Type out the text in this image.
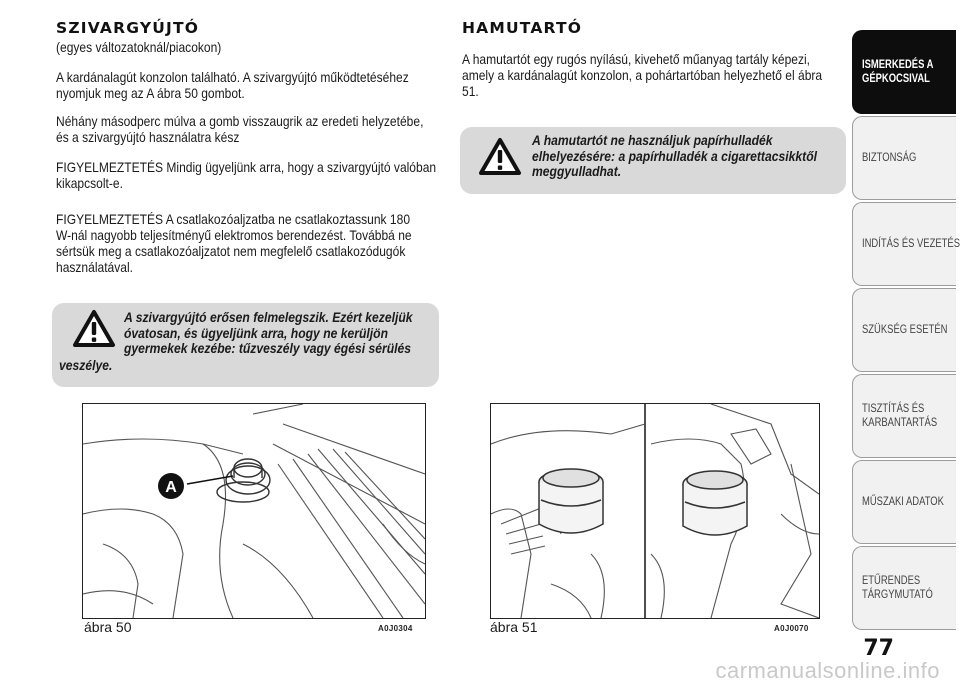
SZIVARGYÚJTÓ

(egyes változatoknál/piacokon)

A kardánalagút konzolon található. A szivargyújtó működtetéséhez
nyomjuk meg az A ábra 50 gombot.

Néhány másodperc múlva a gomb visszaugrik az eredeti helyzetébe,
és a szivargyújtó használatra kész

FIGYELMEZTETÉS Mindig ügyeljünk arra, hogy a szivargyújtó valóban
kikapcsolt-e.

FIGYELMEZTETÉS A csatlakozóaljzatba ne csatlakoztassunk 180
W-nál nagyobb teljesítményű elektromos berendezést. Továbbá ne
sértsük meg a csatlakozóaljzatot nem megfelelő csatlakozódugók
használatával.

A szivargyújtó erősen felmelegszik. Ezért kezeljük
óvatosan, és ügyeljünk arra, hogy ne kerüljön
gyermekek kezébe: tűzveszély vagy égési sérülés

veszélye.

A
ábra 50	A0J0304
HAMUTARTÓ

A hamutartót egy rugós nyílású, kivehető műanyag tartály képezi,
amely a kardánalagút konzolon, a pohártartóban helyezhető el ábra
51.

A hamutartót ne használjuk papírhulladék
elhelyezésére: a papírhulladék a cigarettacsikktől
meggyulladhat.

ábra 51	A0J0070
ISMERKEDÉS A
GÉPKOCSIVAL
BIZTONSÁG
INDÍTÁS ÉS VEZETÉS
SZÜKSÉG ESETÉN
TISZTÍTÁS ÉS
KARBANTARTÁS
MŰSZAKI ADATOK
ETŰRENDES
TÁRGYMUTATÓ
77
carmanualsonline.info
